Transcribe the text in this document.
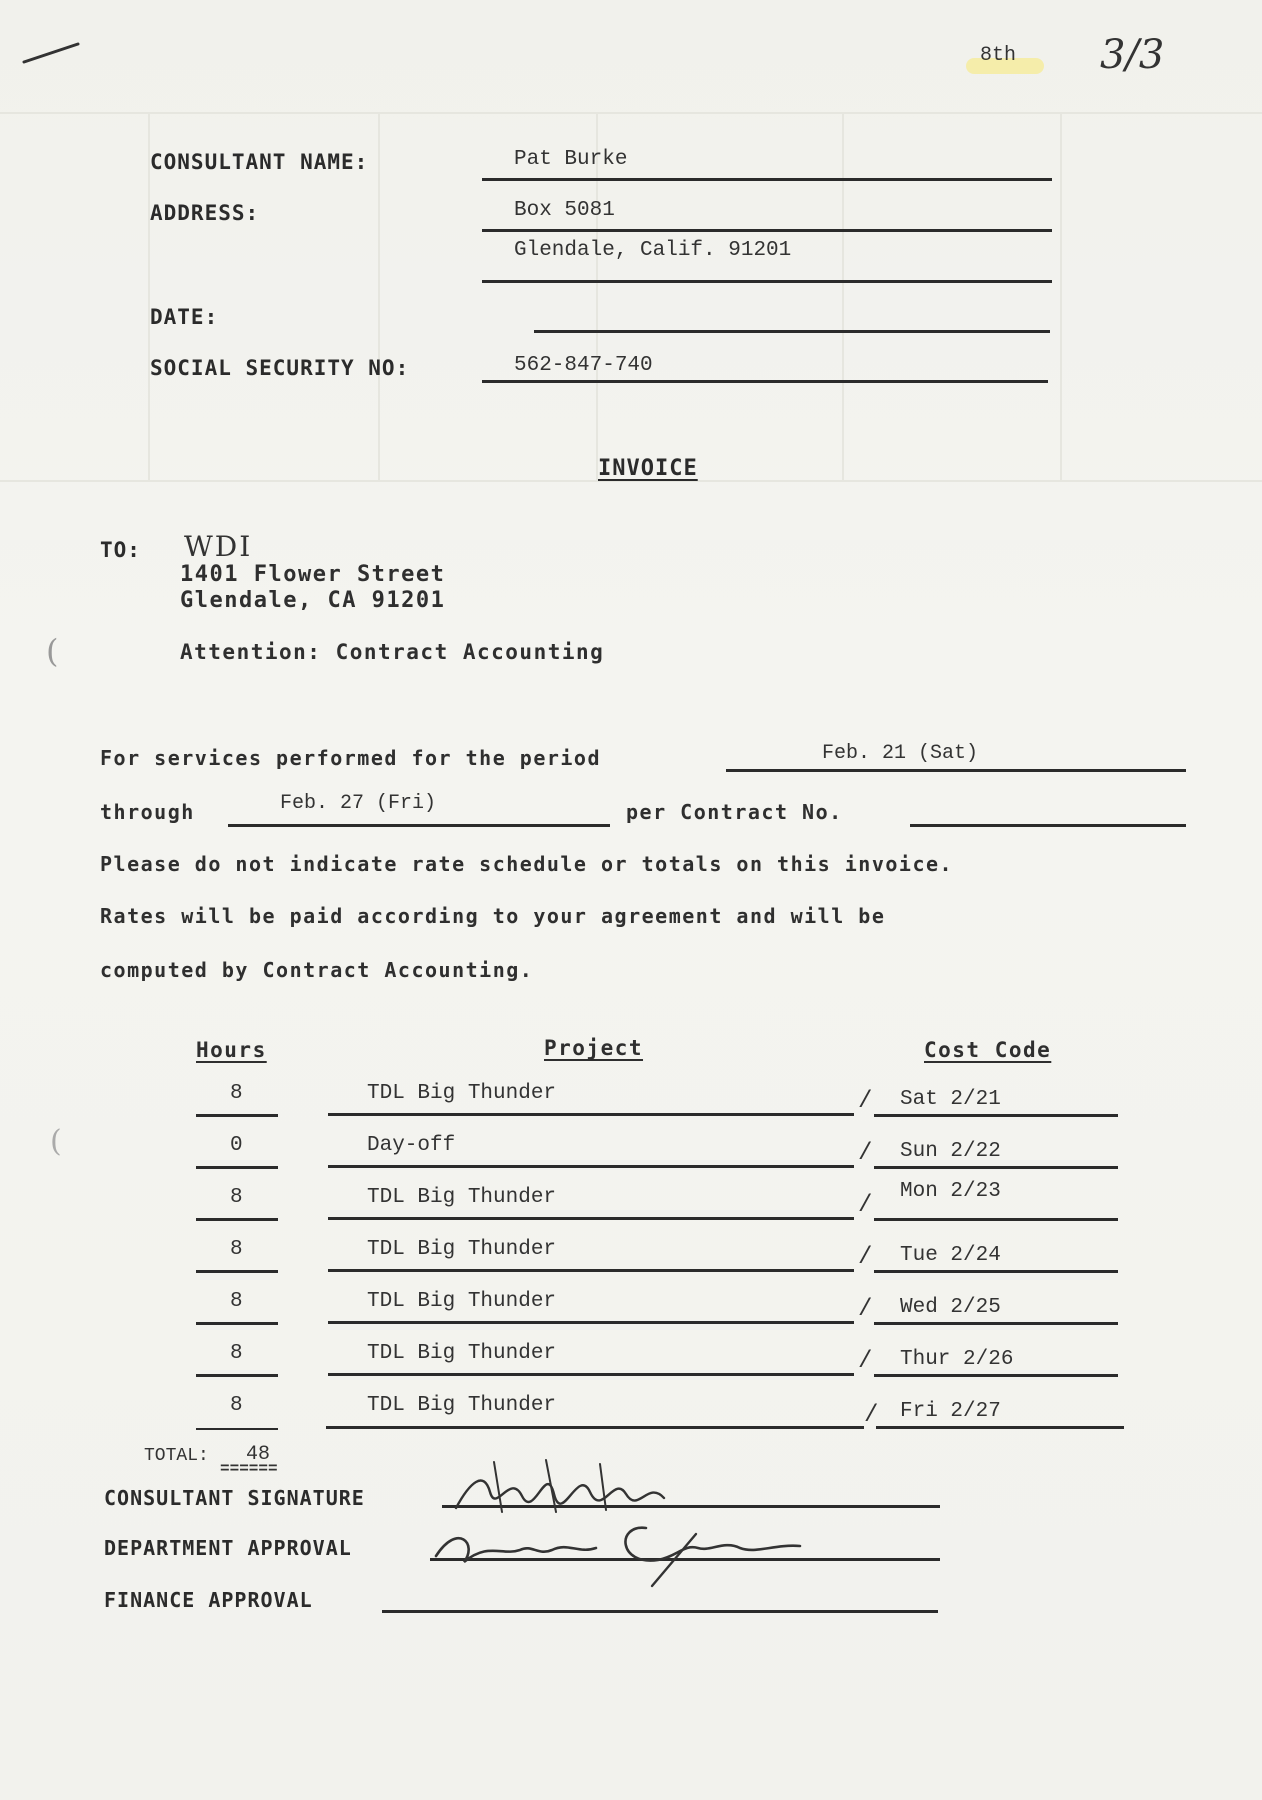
8th 3/3
CONSULTANT NAME:	Pat Burke
ADDRESS:	Box 5081
Glendale, Calif. 91201
DATE:
SOCIAL SECURITY NO:	562-847-740
INVOICE
TO: WDI
1401 Flower Street
Glendale, CA 91201
Attention: Contract Accounting
For services performed for the period	Feb. 21 (Sat)
through	Feb. 27 (Fri)	per Contract No.
Please do not indicate rate schedule or totals on this invoice.
Rates will be paid according to your agreement and will be
computed by Contract Accounting.
Hours	Project	Cost Code
8	TDL Big Thunder	Sat 2/21
/
0	Day-off	Sun 2/22
/
8	TDL Big Thunder	Mon 2/23
/
8	TDL Big Thunder	Tue 2/24
/
8	TDL Big Thunder	Wed 2/25
/
8	TDL Big Thunder	Thur 2/26
/
8	TDL Big Thunder	Fri 2/27
/
TOTAL: 48
======
CONSULTANT SIGNATURE
DEPARTMENT APPROVAL
FINANCE APPROVAL
(
(
